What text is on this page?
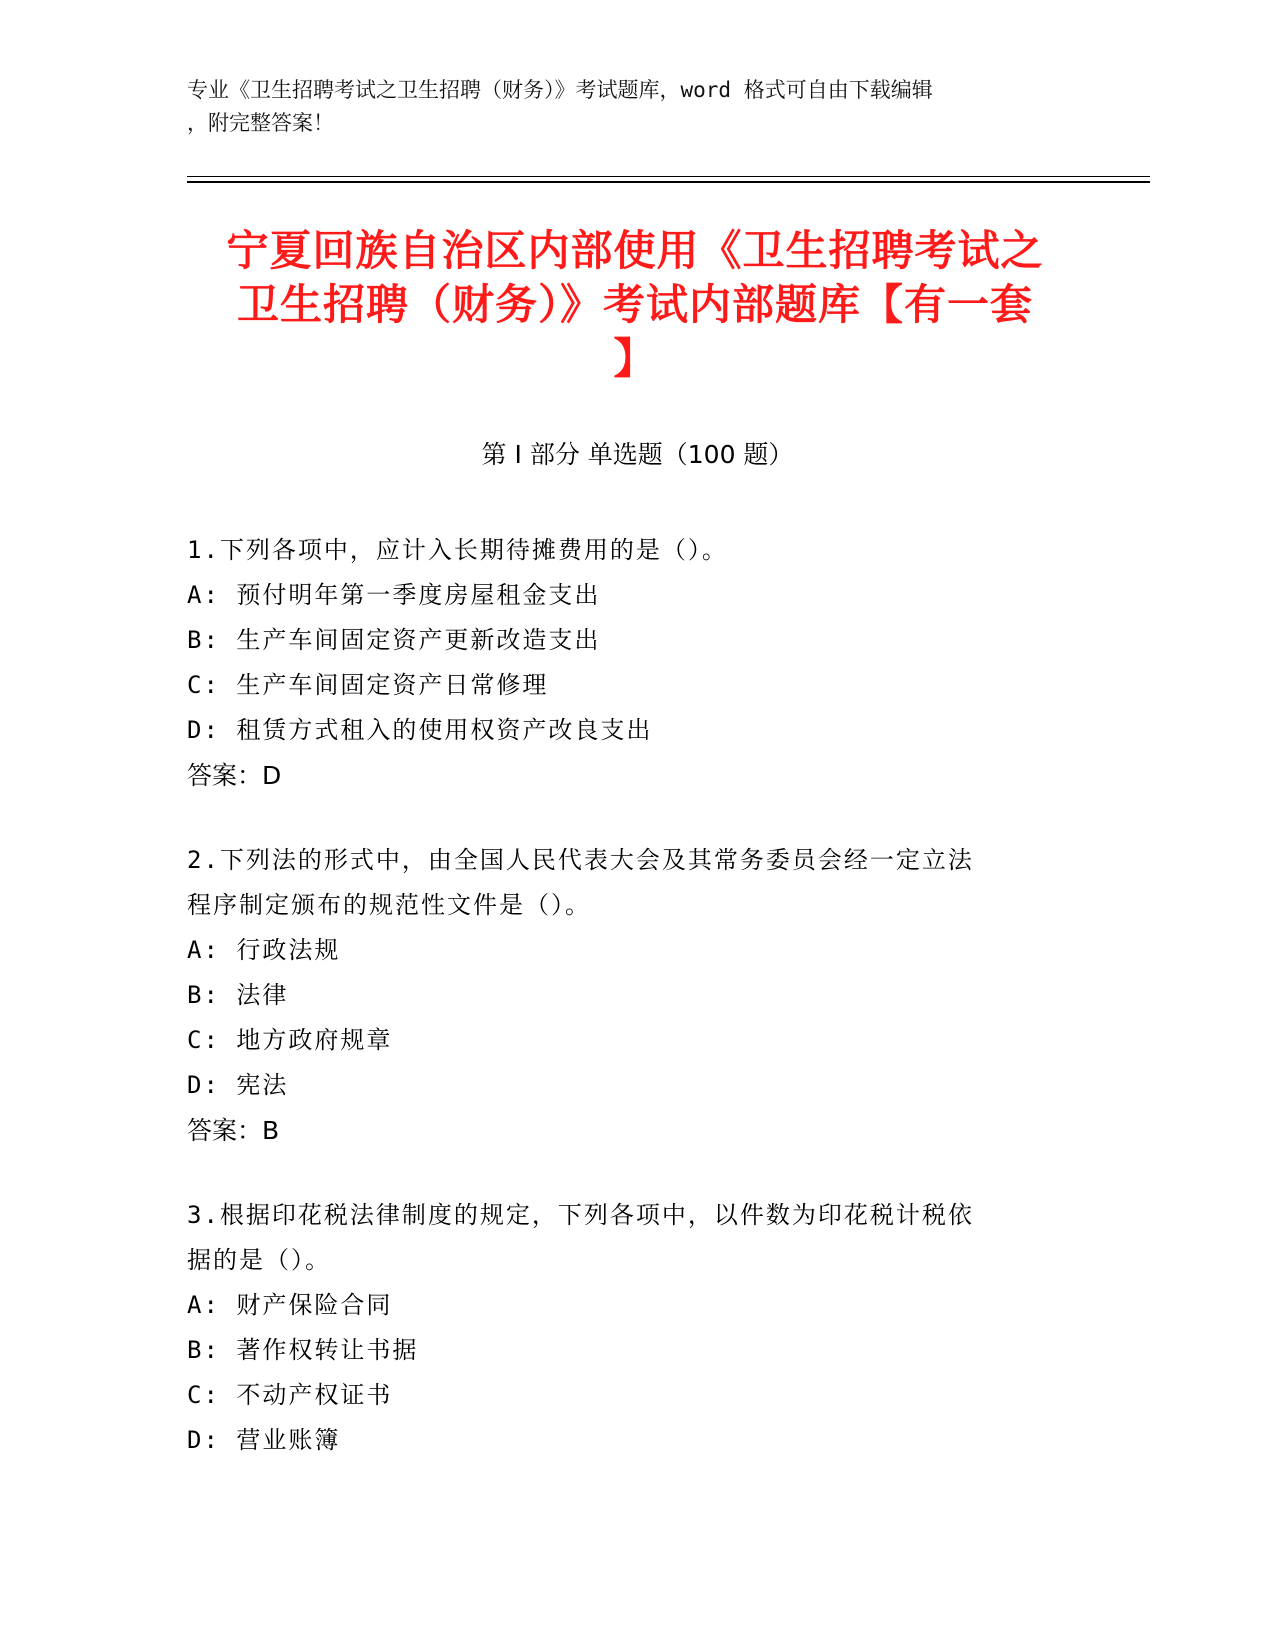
专业《卫生招聘考试之卫生招聘（财务）》考试题库，word 格式可自由下载编辑
，附完整答案！
宁夏回族自治区内部使用《卫生招聘考试之
卫生招聘（财务）》考试内部题库【有一套
】
第 I 部分 单选题（100 题）

1.下列各项中，应计入长期待摊费用的是（）。

A: 预付明年第一季度房屋租金支出

B: 生产车间固定资产更新改造支出

C: 生产车间固定资产日常修理

D: 租赁方式租入的使用权资产改良支出

答案：D

2.下列法的形式中，由全国人民代表大会及其常务委员会经一定立法

程序制定颁布的规范性文件是（）。

A: 行政法规

B: 法律

C: 地方政府规章

D: 宪法

答案：B

3.根据印花税法律制度的规定，下列各项中，以件数为印花税计税依

据的是（）。

A: 财产保险合同

B: 著作权转让书据

C: 不动产权证书

D: 营业账簿
